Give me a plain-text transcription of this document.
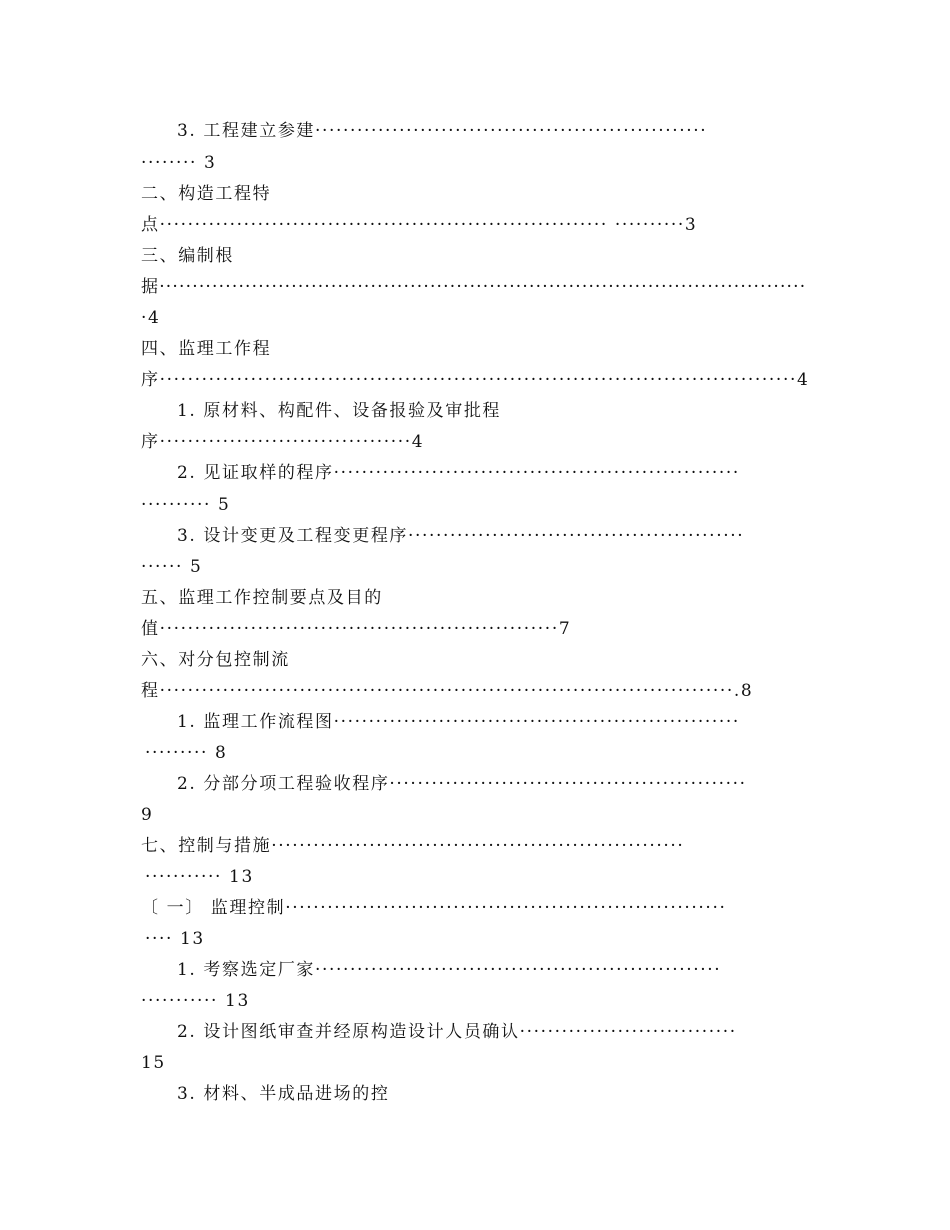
3. 工程建立参建························································

········ 3

二、构造工程特

点································································ ··········3

三、编制根

据··································································································

·4

四、监理工作程

序···························································································4

1. 原材料、构配件、设备报验及审批程

序····································4

2. 见证取样的程序··························································

·········· 5

3. 设计变更及工程变更程序················································

······ 5

五、监理工作控制要点及目的

值·························································7

六、对分包控制流

程··················································································.8

1. 监理工作流程图··························································

········· 8

2. 分部分项工程验收程序···················································

9

七、控制与措施···························································

··········· 13

〔 一〕 监理控制·······························································

···· 13

1. 考察选定厂家··························································

··········· 13

2. 设计图纸审查并经原构造设计人员确认·······························

15

3. 材料、半成品进场的控
